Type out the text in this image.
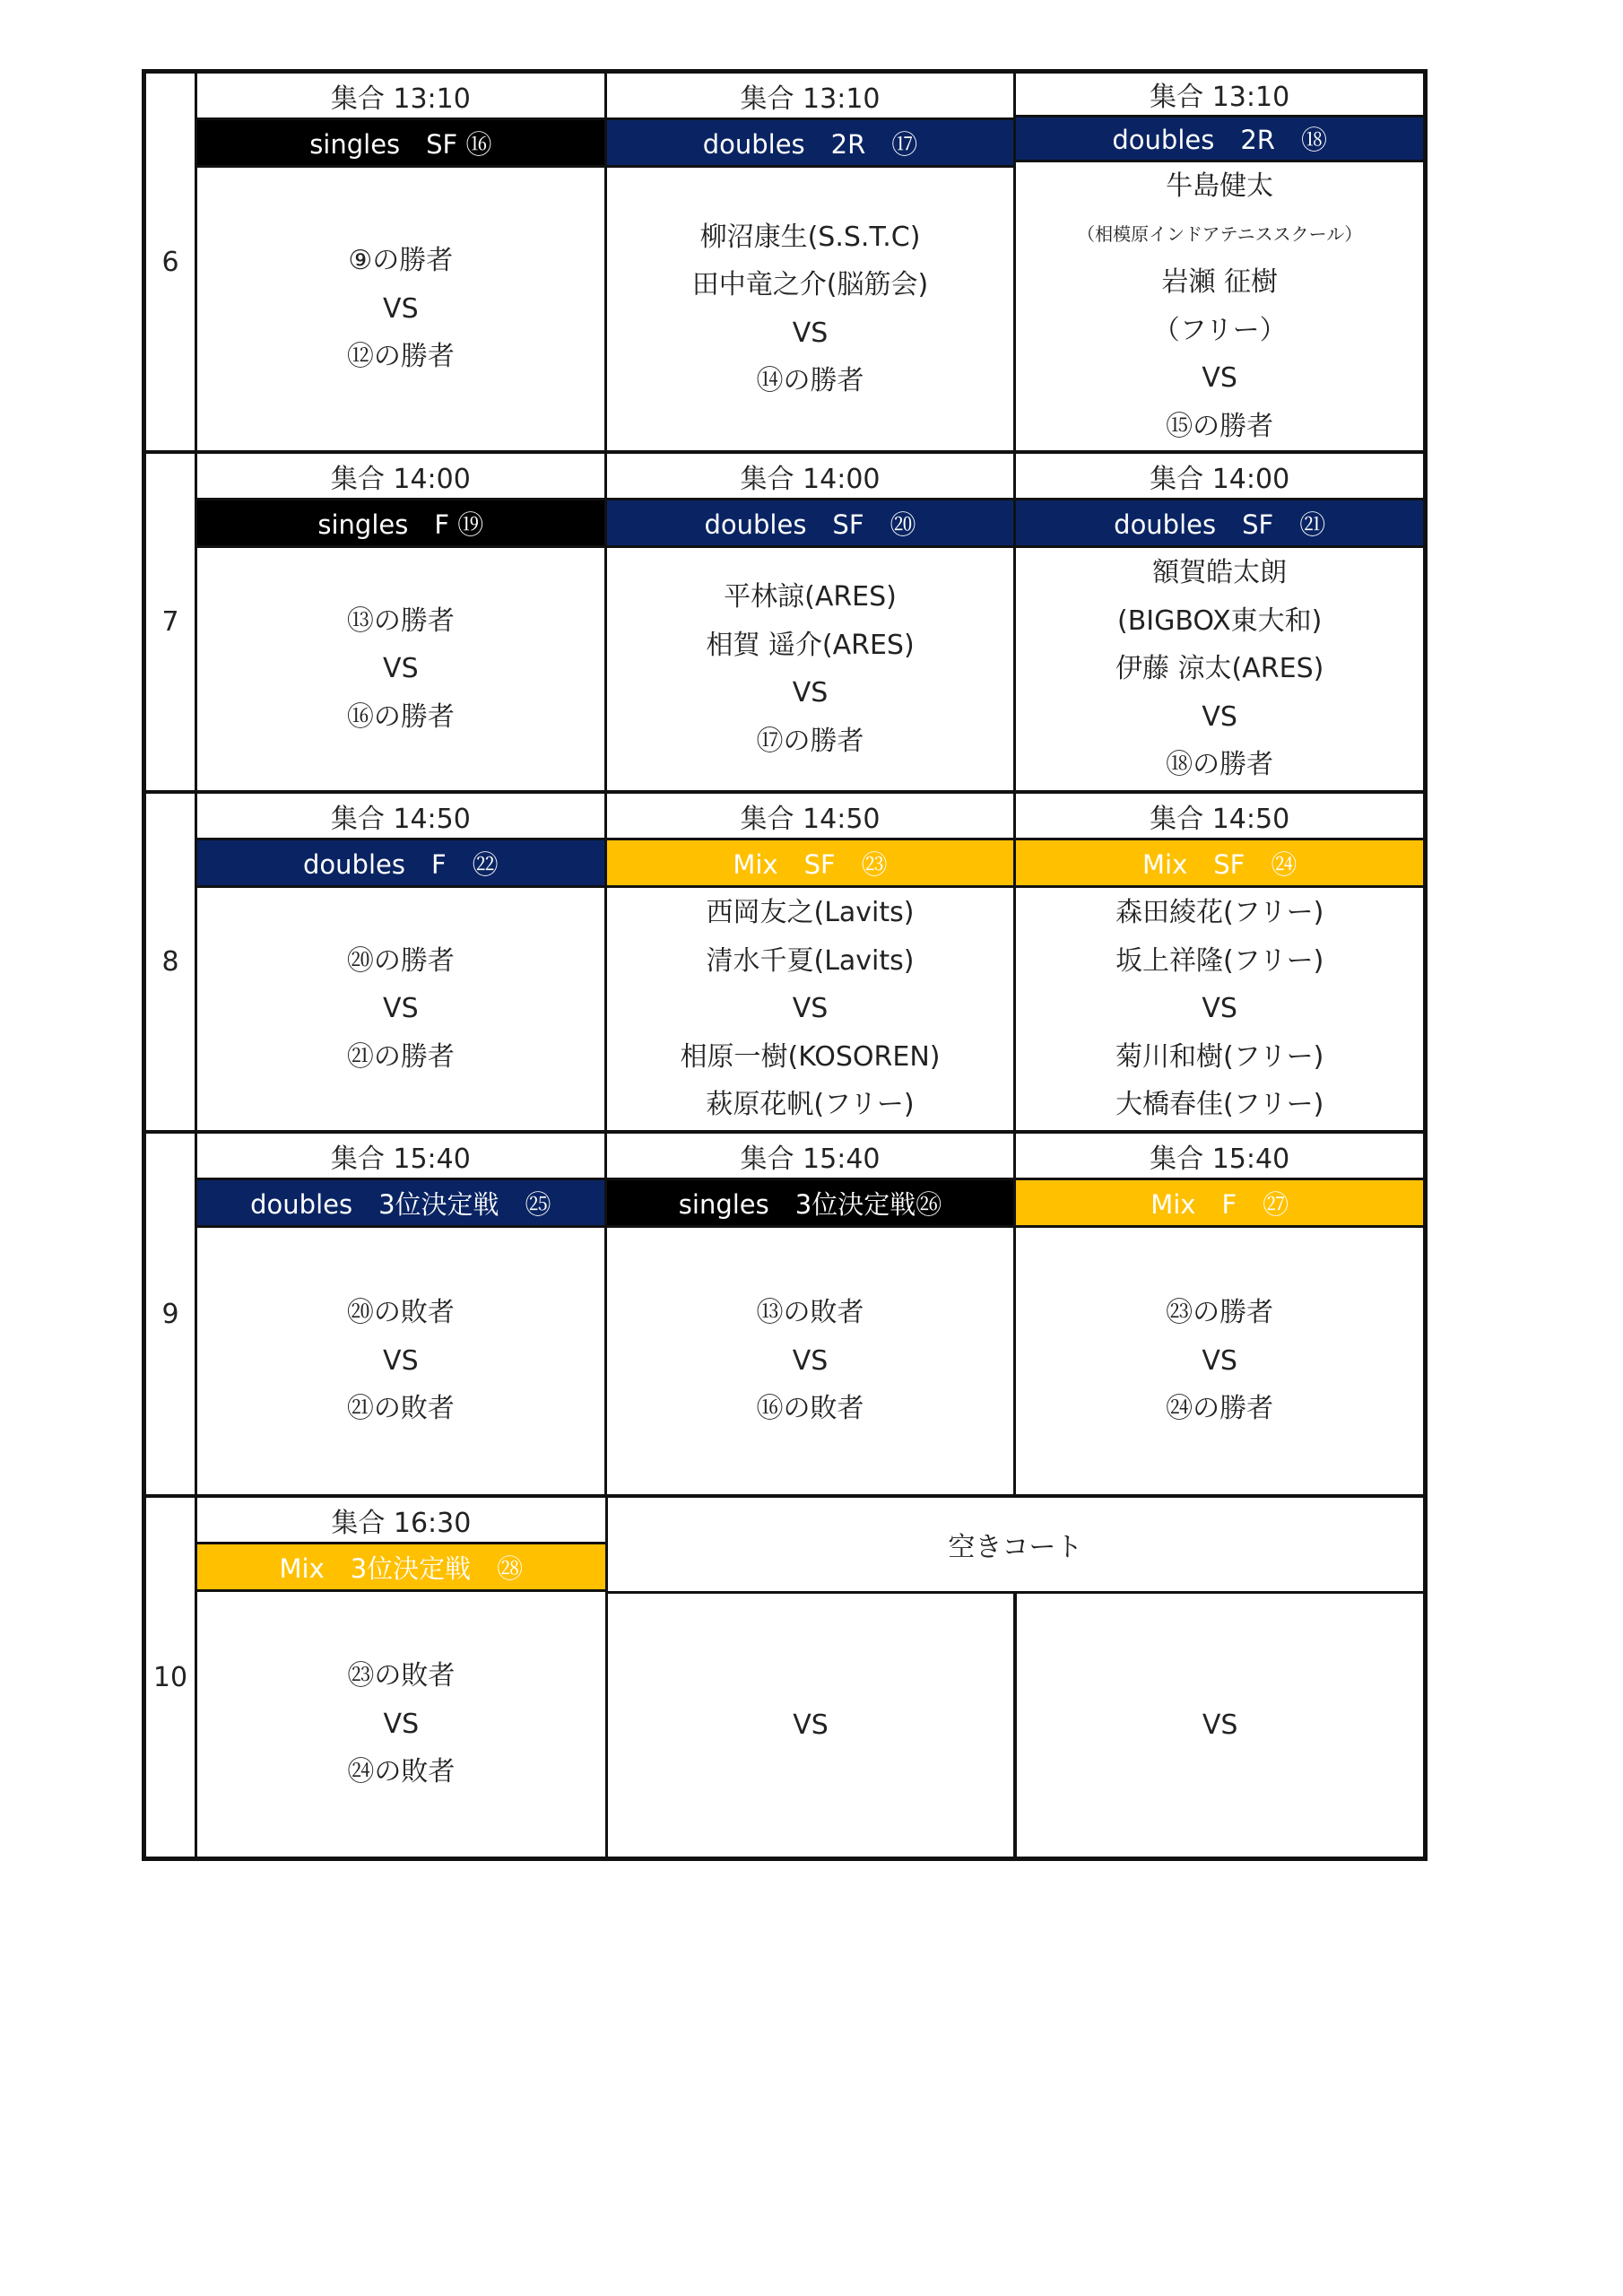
6
集合 13:10
singles　SF ⑯
⑨の勝者
VS
⑫の勝者
集合 13:10
doubles　2R　⑰
柳沼康生(S.S.T.C)
田中竜之介(脳筋会)
VS
⑭の勝者
集合 13:10
doubles　2R　⑱
牛島健太
（相模原インドアテニススクール）
岩瀬 征樹
（フリー）
VS
⑮の勝者
7
集合 14:00
singles　F ⑲
⑬の勝者
VS
⑯の勝者
集合 14:00
doubles　SF　⑳
平林諒(ARES)
相賀 遥介(ARES)
VS
⑰の勝者
集合 14:00
doubles　SF　㉑
額賀皓太朗
(BIGBOX東大和)
伊藤 涼太(ARES)
VS
⑱の勝者
8
集合 14:50
doubles　F　㉒
⑳の勝者
VS
㉑の勝者
集合 14:50
Mix　SF　㉓
西岡友之(Lavits)
清水千夏(Lavits)
VS
相原一樹(KOSOREN)
萩原花帆(フリー)
集合 14:50
Mix　SF　㉔
森田綾花(フリー)
坂上祥隆(フリー)
VS
菊川和樹(フリー)
大橋春佳(フリー)
9
集合 15:40
doubles　3位決定戦　㉕
⑳の敗者
VS
㉑の敗者
集合 15:40
singles　3位決定戦㉖
⑬の敗者
VS
⑯の敗者
集合 15:40
Mix　F　㉗
㉓の勝者
VS
㉔の勝者
10
集合 16:30
Mix　3位決定戦　㉘
㉓の敗者
VS
㉔の敗者
空きコート
VS	VS
